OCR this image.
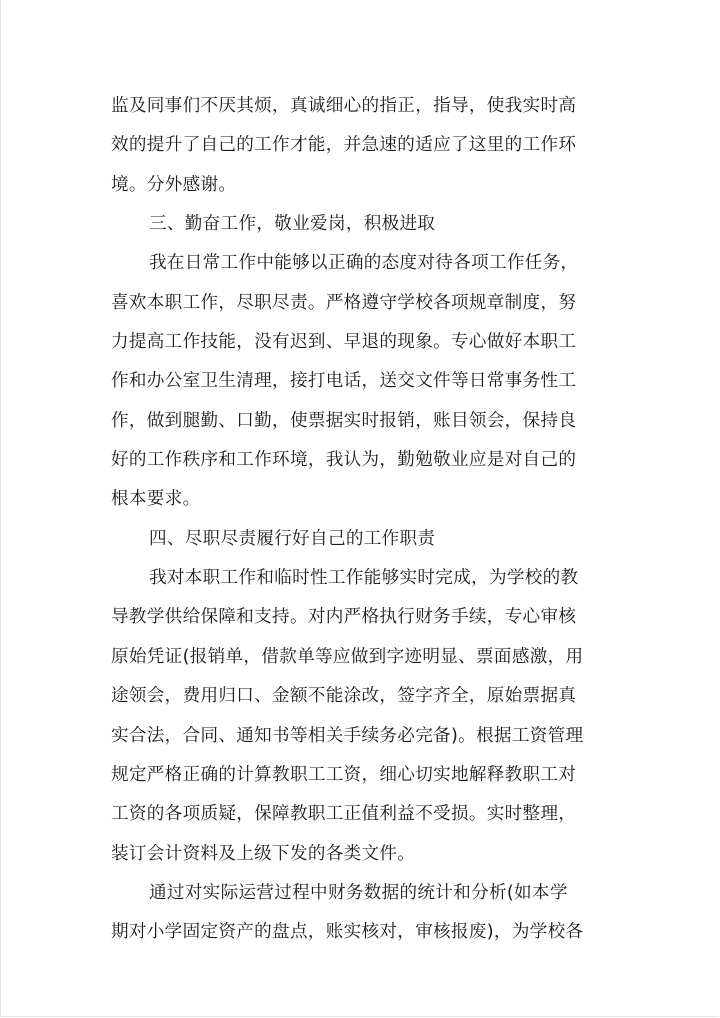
监及同事们不厌其烦，真诚细心的指正，指导，使我实时高
效的提升了自己的工作才能，并急速的适应了这里的工作环
境。分外感谢。
三、勤奋工作，敬业爱岗，积极进取
我在日常工作中能够以正确的态度对待各项工作任务，
喜欢本职工作，尽职尽责。严格遵守学校各项规章制度，努
力提高工作技能，没有迟到、早退的现象。专心做好本职工
作和办公室卫生清理，接打电话，送交文件等日常事务性工
作，做到腿勤、口勤，使票据实时报销，账目领会，保持良
好的工作秩序和工作环境，我认为，勤勉敬业应是对自己的
根本要求。
四、尽职尽责履行好自己的工作职责
我对本职工作和临时性工作能够实时完成，为学校的教
导教学供给保障和支持。对内严格执行财务手续，专心审核
原始凭证(报销单，借款单等应做到字迹明显、票面感激，用
途领会，费用归口、金额不能涂改，签字齐全，原始票据真
实合法，合同、通知书等相关手续务必完备)。根据工资管理
规定严格正确的计算教职工工资，细心切实地解释教职工对
工资的各项质疑，保障教职工正值利益不受损。实时整理，
装订会计资料及上级下发的各类文件。
通过对实际运营过程中财务数据的统计和分析(如本学
期对小学固定资产的盘点，账实核对，审核报废)，为学校各
